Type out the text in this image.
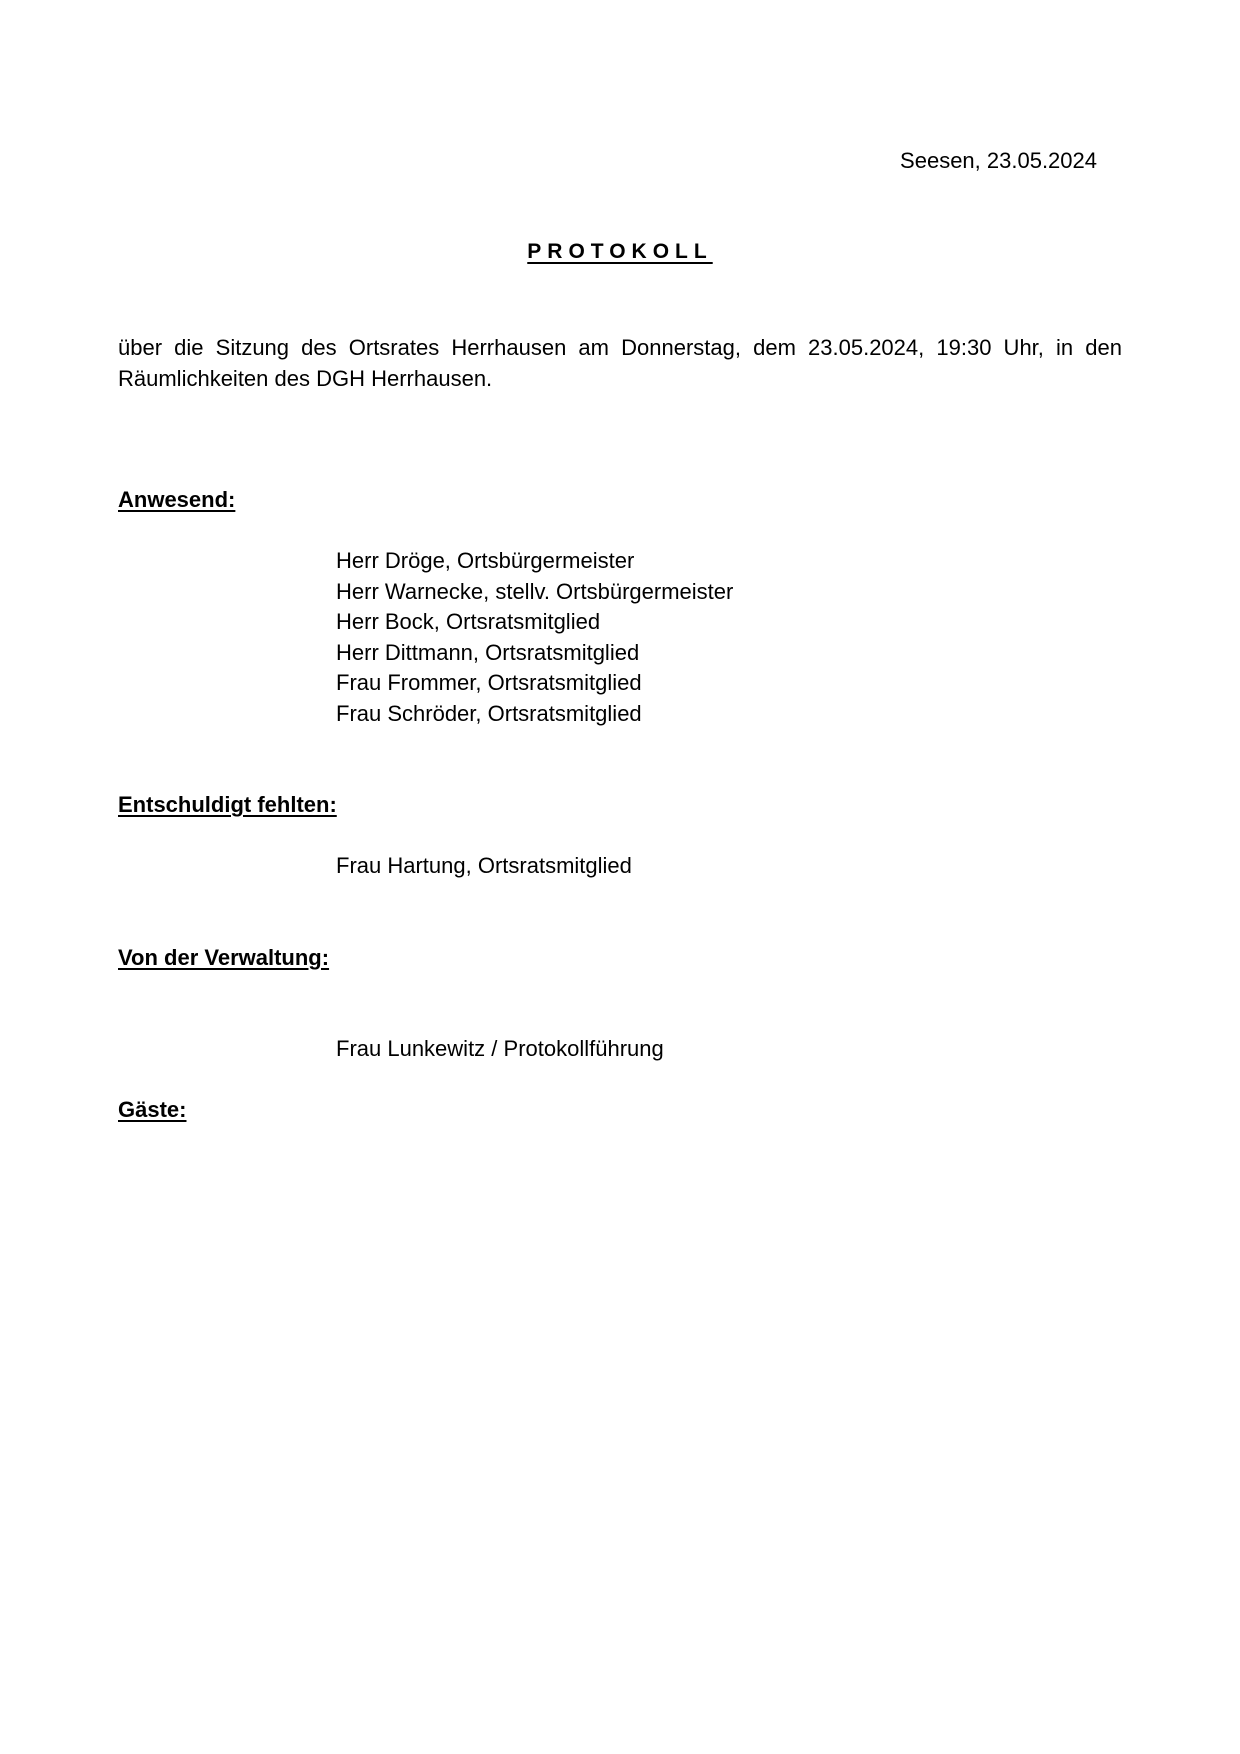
Seesen, 23.05.2024
PROTOKOLL
über die Sitzung des Ortsrates Herrhausen am Donnerstag, dem 23.05.2024, 19:30 Uhr, in den Räumlichkeiten des DGH Herrhausen.
Anwesend:
Herr Dröge, Ortsbürgermeister
Herr Warnecke, stellv. Ortsbürgermeister
Herr Bock, Ortsratsmitglied
Herr Dittmann, Ortsratsmitglied
Frau Frommer, Ortsratsmitglied
Frau Schröder, Ortsratsmitglied
Entschuldigt fehlten:
Frau Hartung, Ortsratsmitglied
Von der Verwaltung:
Frau Lunkewitz / Protokollführung
Gäste:
